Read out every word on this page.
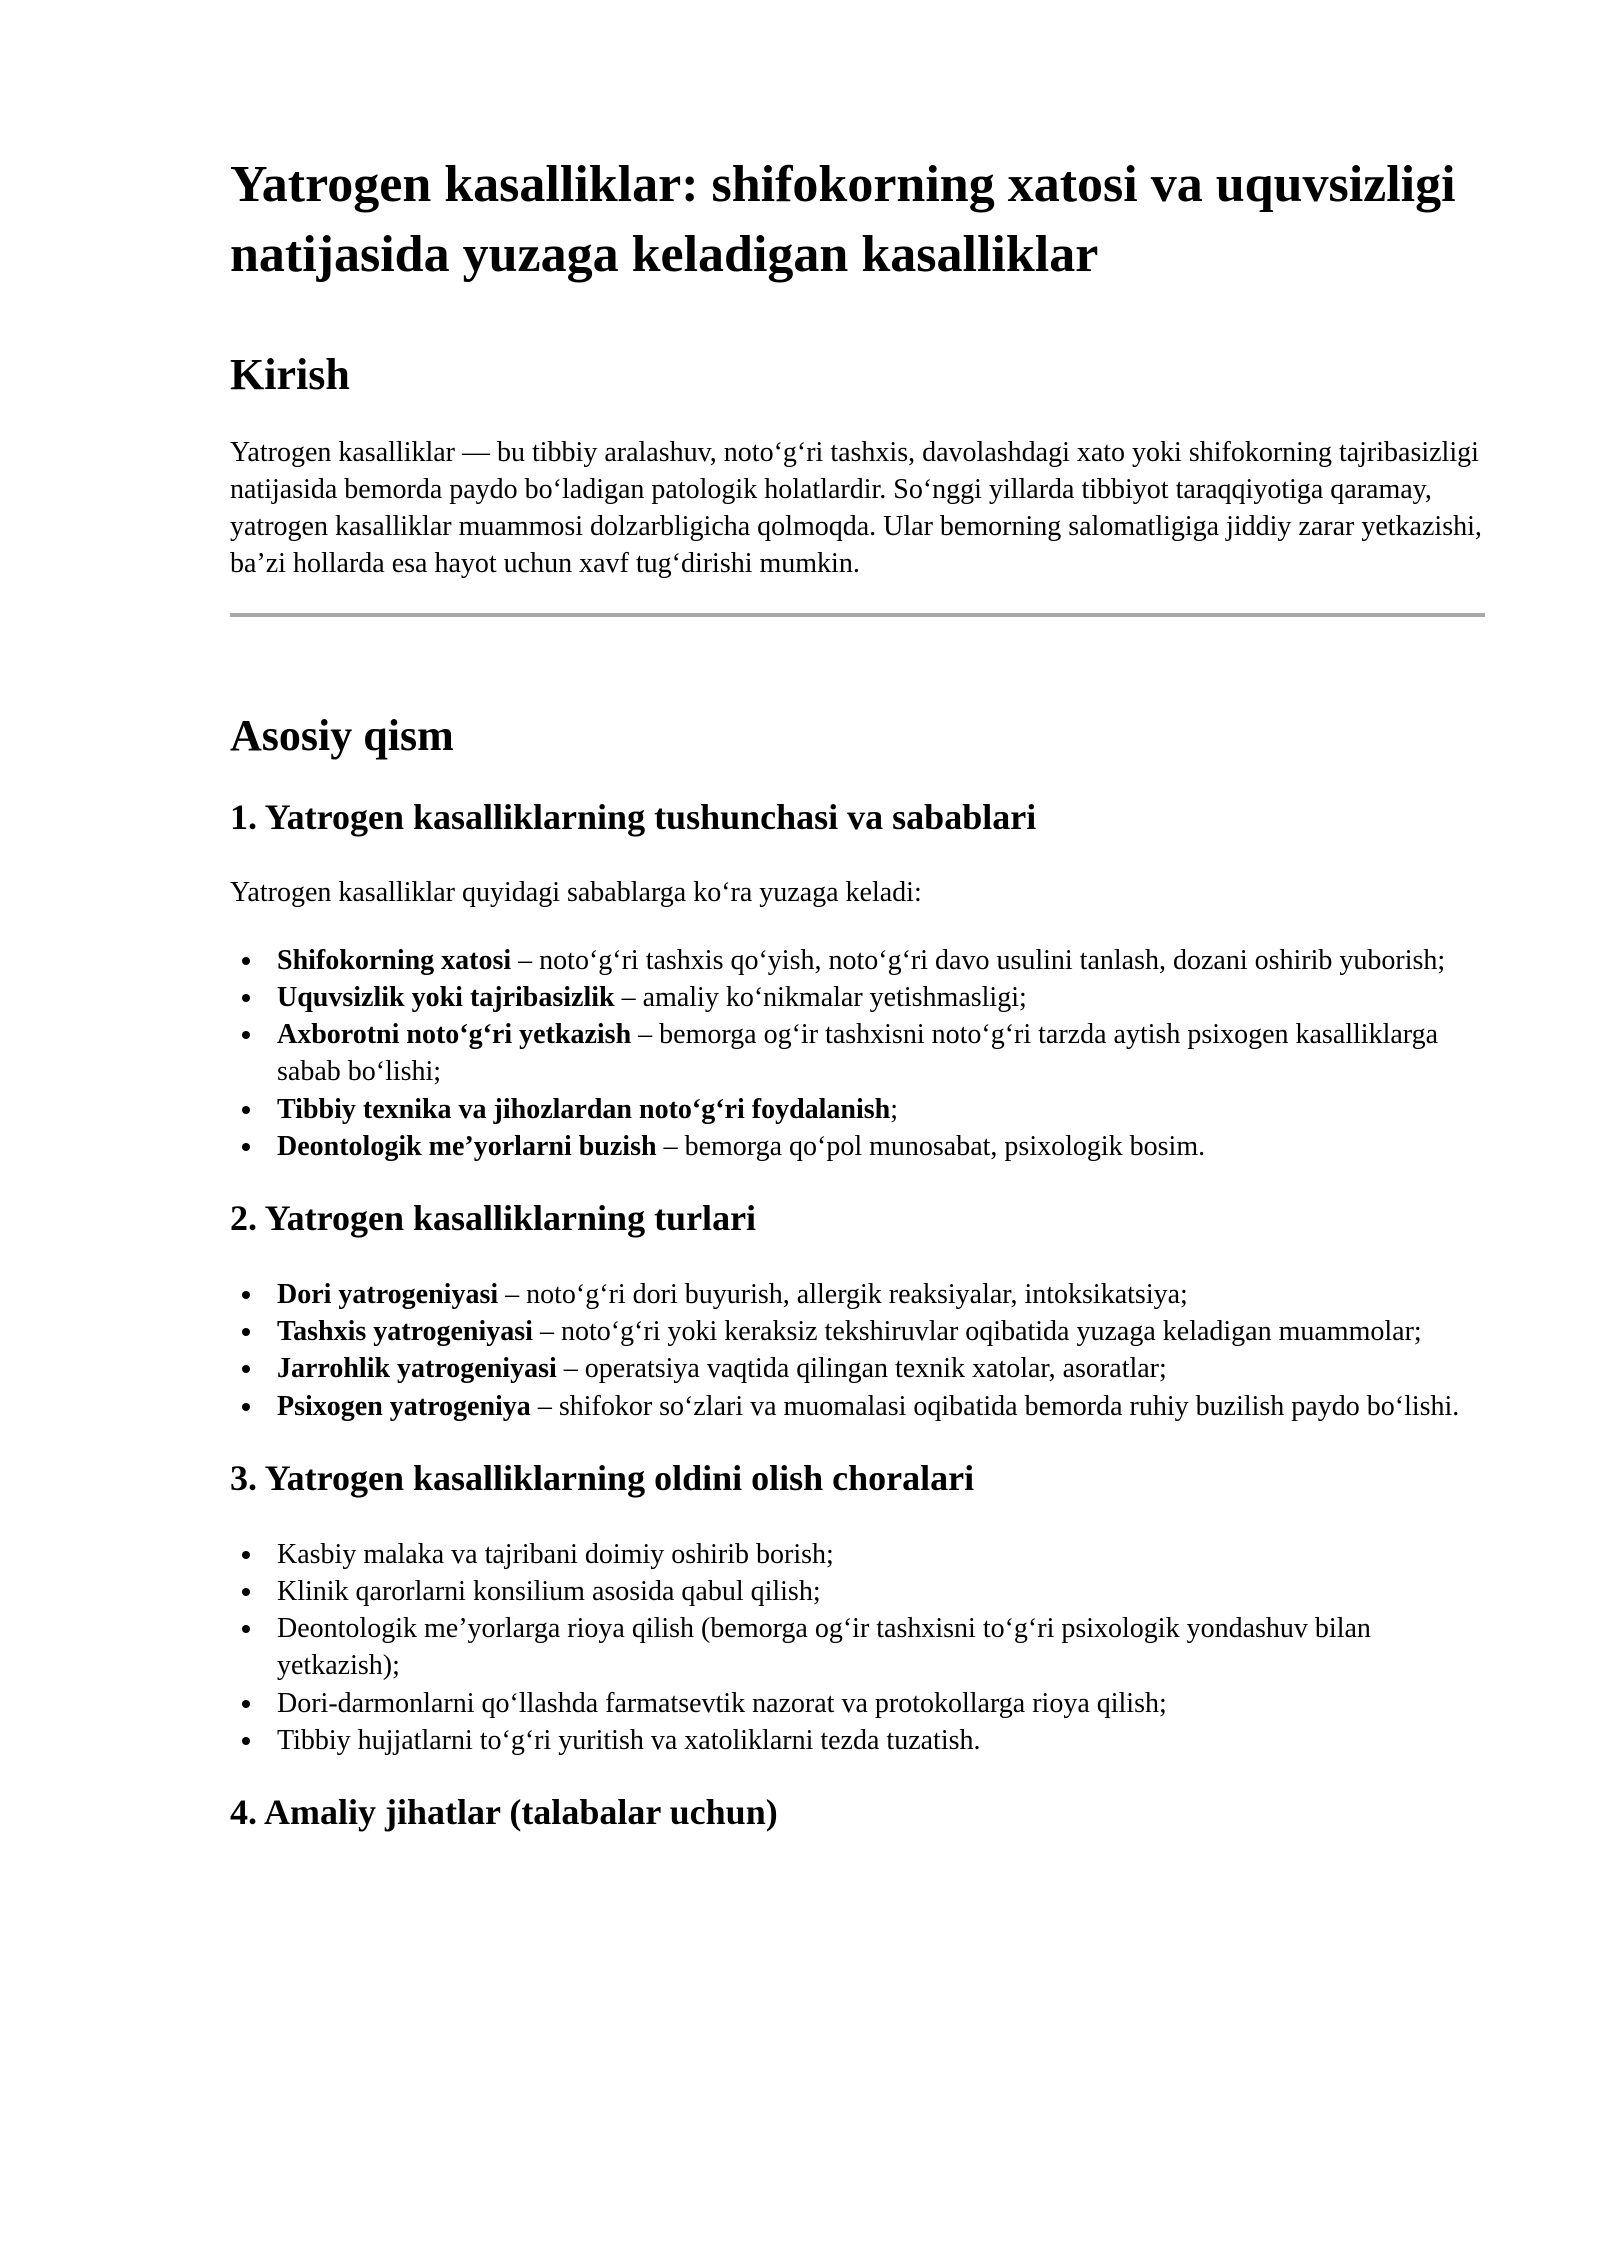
Yatrogen kasalliklar: shifokorning xatosi va uquvsizligi natijasida yuzaga keladigan kasalliklar
Kirish

Yatrogen kasalliklar — bu tibbiy aralashuv, noto‘g‘ri tashxis, davolashdagi xato yoki shifokorning tajribasizligi natijasida bemorda paydo bo‘ladigan patologik holatlardir. So‘nggi yillarda tibbiyot taraqqiyotiga qaramay, yatrogen kasalliklar muammosi dolzarbligicha qolmoqda. Ular bemorning salomatligiga jiddiy zarar yetkazishi, ba’zi hollarda esa hayot uchun xavf tug‘dirishi mumkin.

Asosiy qism
1. Yatrogen kasalliklarning tushunchasi va sabablari

Yatrogen kasalliklar quyidagi sabablarga ko‘ra yuzaga keladi:

• Shifokorning xatosi – noto‘g‘ri tashxis qo‘yish, noto‘g‘ri davo usulini tanlash, dozani oshirib yuborish;
• Uquvsizlik yoki tajribasizlik – amaliy ko‘nikmalar yetishmasligi;
• Axborotni noto‘g‘ri yetkazish – bemorga og‘ir tashxisni noto‘g‘ri tarzda aytish psixogen kasalliklarga sabab bo‘lishi;
• Tibbiy texnika va jihozlardan noto‘g‘ri foydalanish;
• Deontologik me’yorlarni buzish – bemorga qo‘pol munosabat, psixologik bosim.
2. Yatrogen kasalliklarning turlari
• Dori yatrogeniyasi – noto‘g‘ri dori buyurish, allergik reaksiyalar, intoksikatsiya;
• Tashxis yatrogeniyasi – noto‘g‘ri yoki keraksiz tekshiruvlar oqibatida yuzaga keladigan muammolar;
• Jarrohlik yatrogeniyasi – operatsiya vaqtida qilingan texnik xatolar, asoratlar;
• Psixogen yatrogeniya – shifokor so‘zlari va muomalasi oqibatida bemorda ruhiy buzilish paydo bo‘lishi.
3. Yatrogen kasalliklarning oldini olish choralari
• Kasbiy malaka va tajribani doimiy oshirib borish;
• Klinik qarorlarni konsilium asosida qabul qilish;
• Deontologik me’yorlarga rioya qilish (bemorga og‘ir tashxisni to‘g‘ri psixologik yondashuv bilan yetkazish);
• Dori-darmonlarni qo‘llashda farmatsevtik nazorat va protokollarga rioya qilish;
• Tibbiy hujjatlarni to‘g‘ri yuritish va xatoliklarni tezda tuzatish.
4. Amaliy jihatlar (talabalar uchun)
